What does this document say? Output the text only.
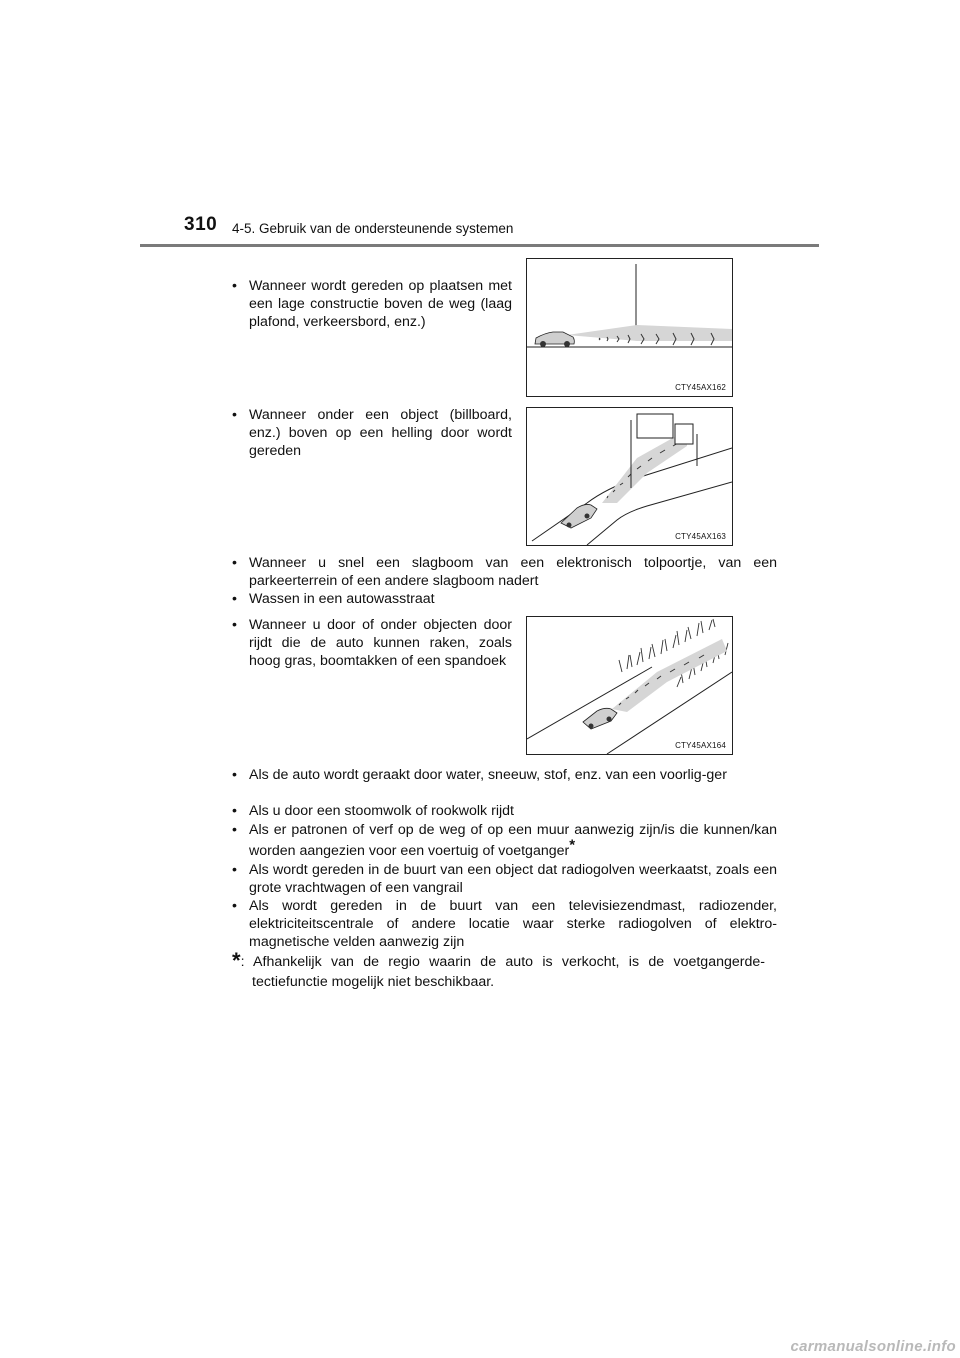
310 4-5. Gebruik van de ondersteunende systemen
• Wanneer wordt gereden op plaatsen met een lage constructie boven de weg (laag plafond, verkeersbord, enz.)
CTY45AX162
• Wanneer onder een object (billboard, enz.) boven op een helling door wordt gereden
CTY45AX163
• Wanneer u snel een slagboom van een elektronisch tolpoortje, van een parkeerterrein of een andere slagboom nadert
• Wassen in een autowasstraat
• Wanneer u door of onder objecten door rijdt die de auto kunnen raken, zoals hoog gras, boomtakken of een spandoek
CTY45AX164
• Als de auto wordt geraakt door water, sneeuw, stof, enz. van een voorlig-ger
• Als u door een stoomwolk of rookwolk rijdt
• Als er patronen of verf op de weg of op een muur aanwezig zijn/is die kunnen/kan worden aangezien voor een voertuig of voetganger*
• Als wordt gereden in de buurt van een object dat radiogolven weerkaatst, zoals een grote vrachtwagen of een vangrail
• Als wordt gereden in de buurt van een televisiezendmast, radiozender, elektriciteitscentrale of andere locatie waar sterke radiogolven of elektro-magnetische velden aanwezig zijn
*: Afhankelijk van de regio waarin de auto is verkocht, is de voetgangerde-tectiefunctie mogelijk niet beschikbaar.
carmanualsonline.info
